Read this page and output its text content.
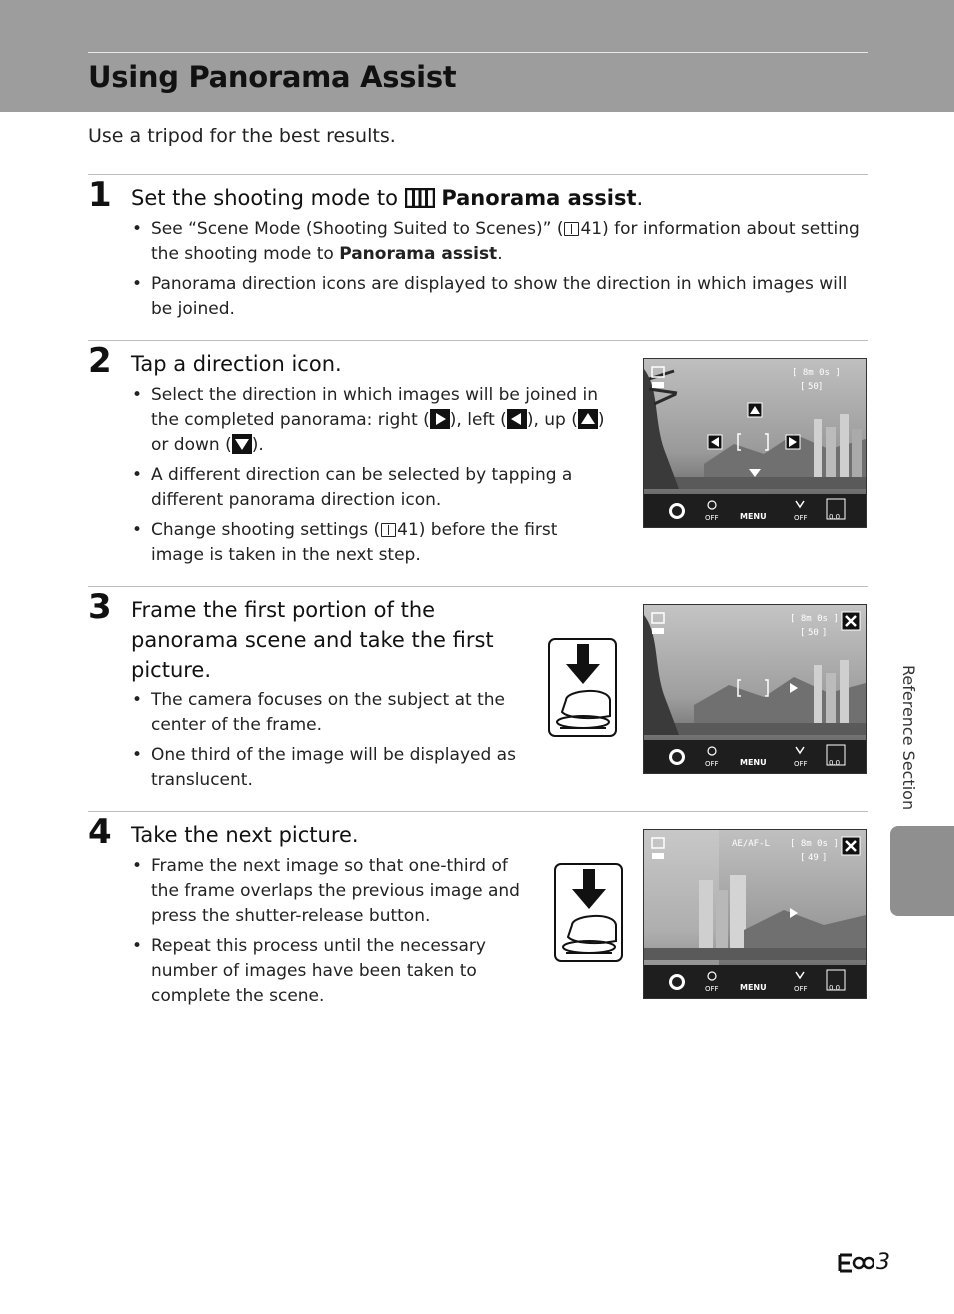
Using Panorama Assist
Use a tripod for the best results.
1 Set the shooting mode to  Panorama assist.
• See “Scene Mode (Shooting Suited to Scenes)” ( 41) for information about setting the shooting mode to Panorama assist.
• Panorama direction icons are displayed to show the direction in which images will be joined.
2 Tap a direction icon.
• Select the direction in which images will be joined in the completed panorama: right ( ), left ( ), up ( ) or down ( ).
• A different direction can be selected by tapping a different panorama direction icon.
• Change shooting settings ( 41) before the first image is taken in the next step.
[ 8m 0s ]
50 ]
[
OFF	MENU	OFF	0.0
3 Frame the first portion of the panorama scene and take the first picture.
• The camera focuses on the subject at the center of the frame.
• One third of the image will be displayed as translucent.
[ 8m 0s ]
[ 50 ]
OFF	MENU	OFF	0.0
4 Take the next picture.
• Frame the next image so that one-third of the frame overlaps the previous image and press the shutter-release button.
• Repeat this process until the necessary number of images have been taken to complete the scene.
AE/AF-L [ 8m 0s ]
[ 49 ]
OFF	MENU	OFF	0.0
Reference Section
3
